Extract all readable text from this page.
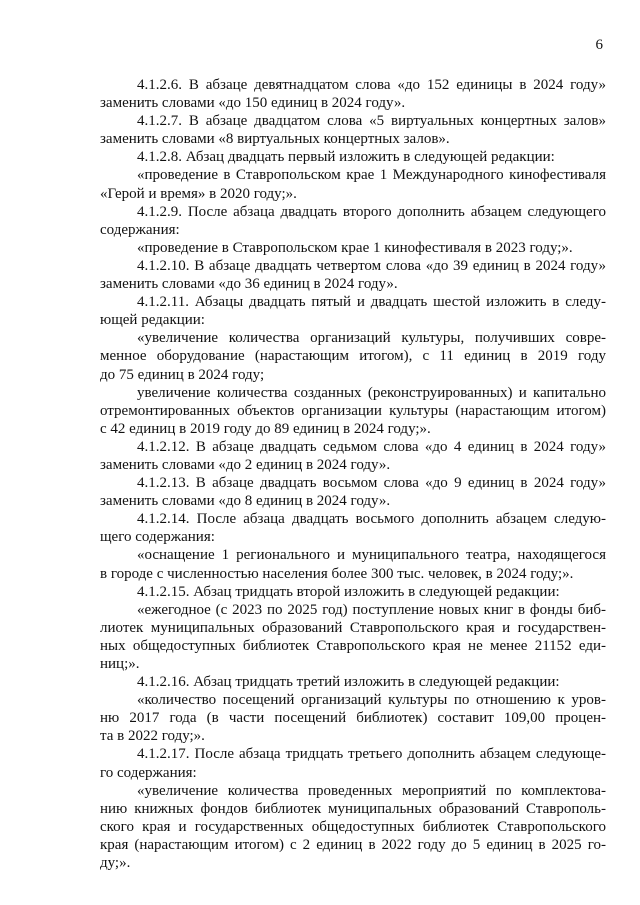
6
4.1.2.6. В абзаце девятнадцатом слова «до 152 единицы в 2024 году»
заменить словами «до 150 единиц в 2024 году».
4.1.2.7. В абзаце двадцатом слова «5 виртуальных концертных залов»
заменить словами «8 виртуальных концертных залов».
4.1.2.8. Абзац двадцать первый изложить в следующей редакции:
«проведение в Ставропольском крае 1 Международного кинофестиваля
«Герой и время» в 2020 году;».
4.1.2.9. После абзаца двадцать второго дополнить абзацем следующего
содержания:
«проведение в Ставропольском крае 1 кинофестиваля в 2023 году;».
4.1.2.10. В абзаце двадцать четвертом слова «до 39 единиц в 2024 году»
заменить словами «до 36 единиц в 2024 году».
4.1.2.11. Абзацы двадцать пятый и двадцать шестой изложить в следу-
ющей редакции:
«увеличение количества организаций культуры, получивших совре-
менное оборудование (нарастающим итогом), с 11 единиц в 2019 году
до 75 единиц в 2024 году;
увеличение количества созданных (реконструированных) и капитально
отремонтированных объектов организации культуры (нарастающим итогом)
с 42 единиц в 2019 году до 89 единиц в 2024 году;».
4.1.2.12. В абзаце двадцать седьмом слова «до 4 единиц в 2024 году»
заменить словами «до 2 единиц в 2024 году».
4.1.2.13. В абзаце двадцать восьмом слова «до 9 единиц в 2024 году»
заменить словами «до 8 единиц в 2024 году».
4.1.2.14. После абзаца двадцать восьмого дополнить абзацем следую-
щего содержания:
«оснащение 1 регионального и муниципального театра, находящегося
в городе с численностью населения более 300 тыс. человек, в 2024 году;».
4.1.2.15. Абзац тридцать второй изложить в следующей редакции:
«ежегодное (с 2023 по 2025 год) поступление новых книг в фонды биб-
лиотек муниципальных образований Ставропольского края и государствен-
ных общедоступных библиотек Ставропольского края не менее 21152 еди-
ниц;».
4.1.2.16. Абзац тридцать третий изложить в следующей редакции:
«количество посещений организаций культуры по отношению к уров-
ню 2017 года (в части посещений библиотек) составит 109,00 процен-
та в 2022 году;».
4.1.2.17. После абзаца тридцать третьего дополнить абзацем следующе-
го содержания:
«увеличение количества проведенных мероприятий по комплектова-
нию книжных фондов библиотек муниципальных образований Ставрополь-
ского края и государственных общедоступных библиотек Ставропольского
края (нарастающим итогом) с 2 единиц в 2022 году до 5 единиц в 2025 го-
ду;».
